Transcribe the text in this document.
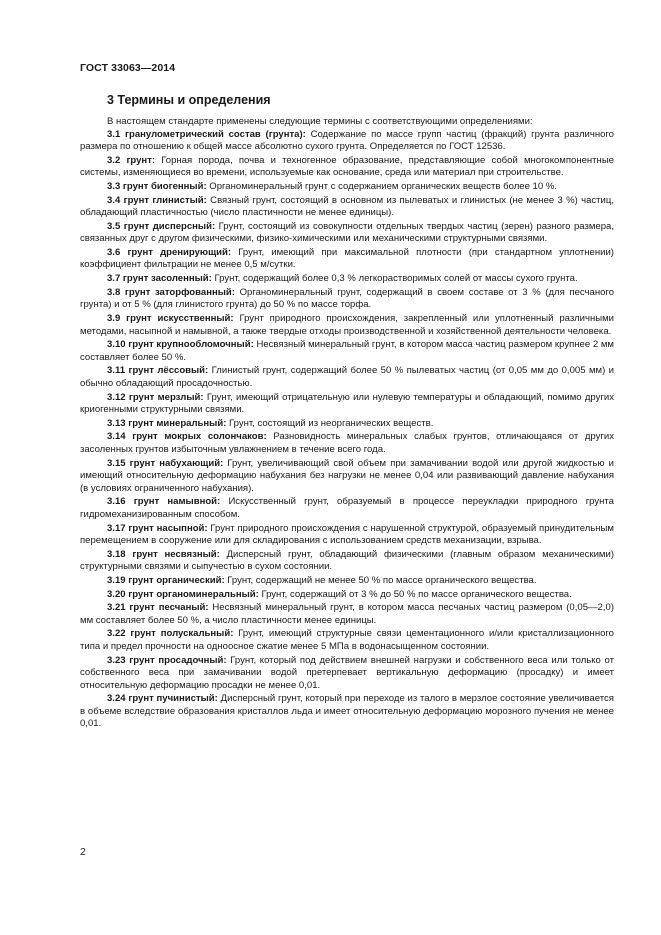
ГОСТ 33063—2014
3 Термины и определения

В настоящем стандарте применены следующие термины с соответствующими определениями:

3.1 гранулометрический состав (грунта): Содержание по массе групп частиц (фракций) грунта различного размера по отношению к общей массе абсолютно сухого грунта. Определяется по ГОСТ 12536.

3.2 грунт: Горная порода, почва и техногенное образование, представляющие собой многокомпонентные системы, изменяющиеся во времени, используемые как основание, среда или материал при строительстве.

3.3 грунт биогенный: Органоминеральный грунт с содержанием органических веществ более 10 %.

3.4 грунт глинистый: Связный грунт, состоящий в основном из пылеватых и глинистых (не менее 3 %) частиц, обладающий пластичностью (число пластичности не менее единицы).

3.5 грунт дисперсный: Грунт, состоящий из совокупности отдельных твердых частиц (зерен) разного размера, связанных друг с другом физическими, физико-химическими или механическими структурными связями.

3.6 грунт дренирующий: Грунт, имеющий при максимальной плотности (при стандартном уплотнении) коэффициент фильтрации не менее 0,5 м/сутки.

3.7 грунт засоленный: Грунт, содержащий более 0,3 % легкорастворимых солей от массы сухого грунта.

3.8 грунт заторфованный: Органоминеральный грунт, содержащий в своем составе от 3 % (для песчаного грунта) и от 5 % (для глинистого грунта) до 50 % по массе торфа.

3.9 грунт искусственный: Грунт природного происхождения, закрепленный или уплотненный различными методами, насыпной и намывной, а также твердые отходы производственной и хозяйственной деятельности человека.

3.10 грунт крупнообломочный: Несвязный минеральный грунт, в котором масса частиц размером крупнее 2 мм составляет более 50 %.

3.11 грунт лёссовый: Глинистый грунт, содержащий более 50 % пылеватых частиц (от 0,05 мм до 0,005 мм) и обычно обладающий просадочностью.

3.12 грунт мерзлый: Грунт, имеющий отрицательную или нулевую температуры и обладающий, помимо других криогенными структурными связями.

3.13 грунт минеральный: Грунт, состоящий из неорганических веществ.

3.14 грунт мокрых солончаков: Разновидность минеральных слабых грунтов, отличающаяся от других засоленных грунтов избыточным увлажнением в течение всего года.

3.15 грунт набухающий: Грунт, увеличивающий свой объем при замачивании водой или другой жидкостью и имеющий относительную деформацию набухания без нагрузки не менее 0,04 или развивающий давление набухания (в условиях ограниченного набухания).

3.16 грунт намывной: Искусственный грунт, образуемый в процессе переукладки природного грунта гидромеханизированным способом.

3.17 грунт насыпной: Грунт природного происхождения с нарушенной структурой, образуемый принудительным перемещением в сооружение или для складирования с использованием средств механизации, взрыва.

3.18 грунт несвязный: Дисперсный грунт, обладающий физическими (главным образом механическими) структурными связями и сыпучестью в сухом состоянии.

3.19 грунт органический: Грунт, содержащий не менее 50 % по массе органического вещества.

3.20 грунт органоминеральный: Грунт, содержащий от 3 % до 50 % по массе органического вещества.

3.21 грунт песчаный: Несвязный минеральный грунт, в котором масса песчаных частиц размером (0,05—2,0) мм составляет более 50 %, а число пластичности менее единицы.

3.22 грунт полускальный: Грунт, имеющий структурные связи цементационного и/или кристаллизационного типа и предел прочности на одноосное сжатие менее 5 МПа в водонасыщенном состоянии.

3.23 грунт просадочный: Грунт, который под действием внешней нагрузки и собственного веса или только от собственного веса при замачивании водой претерпевает вертикальную деформацию (просадку) и имеет относительную деформацию просадки не менее 0,01.

3.24 грунт пучинистый: Дисперсный грунт, который при переходе из талого в мерзлое состояние увеличивается в объеме вследствие образования кристаллов льда и имеет относительную деформацию морозного пучения не менее 0,01.

2
